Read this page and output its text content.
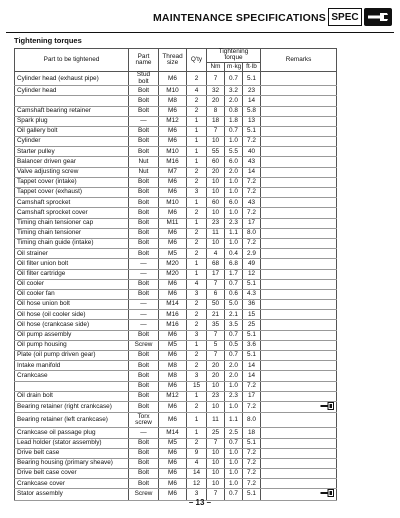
MAINTENANCE SPECIFICATIONS SPEC
Tightening torques
Part to be tightened	Part name	Thread size	Q'ty	Tightening torque			Remarks
				Nm	m·kg	ft·lb	
Cylinder head (exhaust pipe)	Stud bolt	M6	2	7	0.7	5.1	
Cylinder head	Bolt	M10	4	32	3.2	23	
	Bolt	M8	2	20	2.0	14	
Camshaft bearing retainer	Bolt	M6	2	8	0.8	5.8	
Spark plug	—	M12	1	18	1.8	13	
Oil gallery bolt	Bolt	M6	1	7	0.7	5.1	
Cylinder	Bolt	M6	1	10	1.0	7.2	
Starter pulley	Bolt	M10	1	55	5.5	40	
Balancer driven gear	Nut	M16	1	60	6.0	43	
Valve adjusting screw	Nut	M7	2	20	2.0	14	
Tappet cover (intake)	Bolt	M6	2	10	1.0	7.2	
Tappet cover (exhaust)	Bolt	M6	3	10	1.0	7.2	
Camshaft sprocket	Bolt	M10	1	60	6.0	43	
Camshaft sprocket cover	Bolt	M6	2	10	1.0	7.2	
Timing chain tensioner cap	Bolt	M11	1	23	2.3	17	
Timing chain tensioner	Bolt	M6	2	11	1.1	8.0	
Timing chain guide (intake)	Bolt	M6	2	10	1.0	7.2	
Oil strainer	Bolt	M5	2	4	0.4	2.9	
Oil filter union bolt	—	M20	1	68	6.8	49	
Oil filter cartridge	—	M20	1	17	1.7	12	
Oil cooler	Bolt	M6	4	7	0.7	5.1	
Oil cooler fan	Bolt	M6	3	6	0.6	4.3	
Oil hose union bolt	—	M14	2	50	5.0	36	
Oil hose (oil cooler side)	—	M16	2	21	2.1	15	
Oil hose (crankcase side)	—	M16	2	35	3.5	25	
Oil pump assembly	Bolt	M6	3	7	0.7	5.1	
Oil pump housing	Screw	M5	1	5	0.5	3.6	
Plate (oil pump driven gear)	Bolt	M6	2	7	0.7	5.1	
Intake manifold	Bolt	M8	2	20	2.0	14	
Crankcase	Bolt	M8	3	20	2.0	14	
	Bolt	M6	15	10	1.0	7.2	
Oil drain bolt	Bolt	M12	1	23	2.3	17	
Bearing retainer (right crankcase)	Bolt	M6	2	10	1.0	7.2	
Bearing retainer (left crankcase)	Torx screw	M6	1	11	1.1	8.0	
Crankcase oil passage plug	—	M14	1	25	2.5	18	
Lead holder (stator assembly)	Bolt	M5	2	7	0.7	5.1	
Drive belt case	Bolt	M6	9	10	1.0	7.2	
Bearing housing (primary sheave)	Bolt	M6	4	10	1.0	7.2	
Drive belt case cover	Bolt	M6	14	10	1.0	7.2	
Crankcase cover	Bolt	M6	12	10	1.0	7.2	
Stator assembly	Screw	M6	3	7	0.7	5.1	
– 13 –
